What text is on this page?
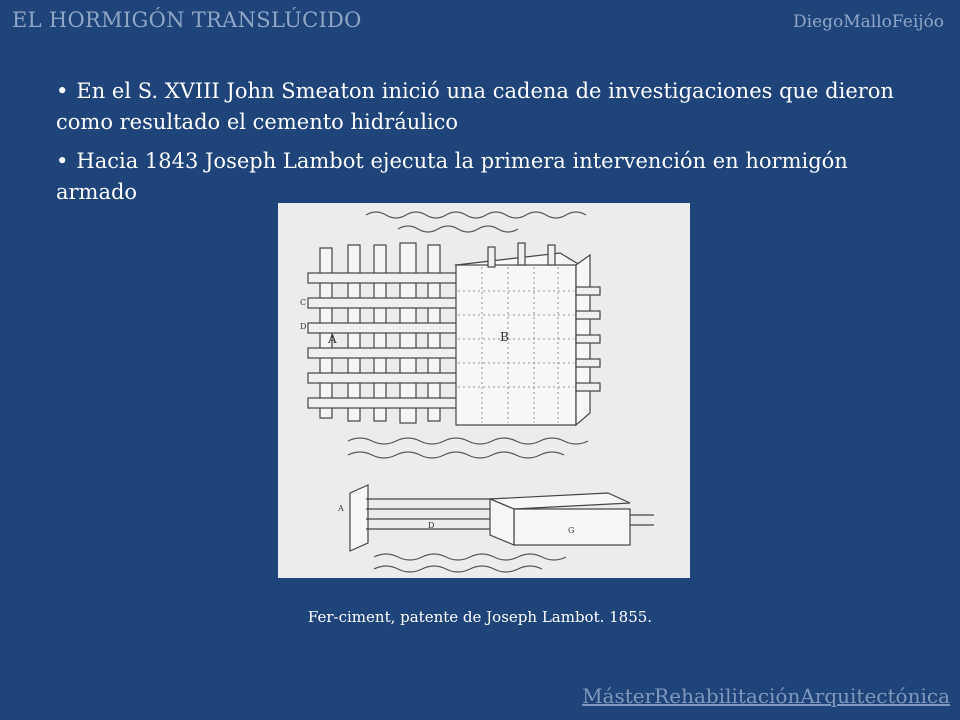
EL HORMIGÓN TRANSLÚCIDO	DiegoMalloFeijóo
• En el S. XVIII John Smeaton inició una cadena de investigaciones que dieron como resultado el cemento hidráulico
• Hacia 1843 Joseph Lambot ejecuta la primera intervención en hormigón armado
A
C
D
B
A
D
G
Fer-ciment, patente de Joseph Lambot. 1855.
MásterRehabilitaciónArquitectónica
